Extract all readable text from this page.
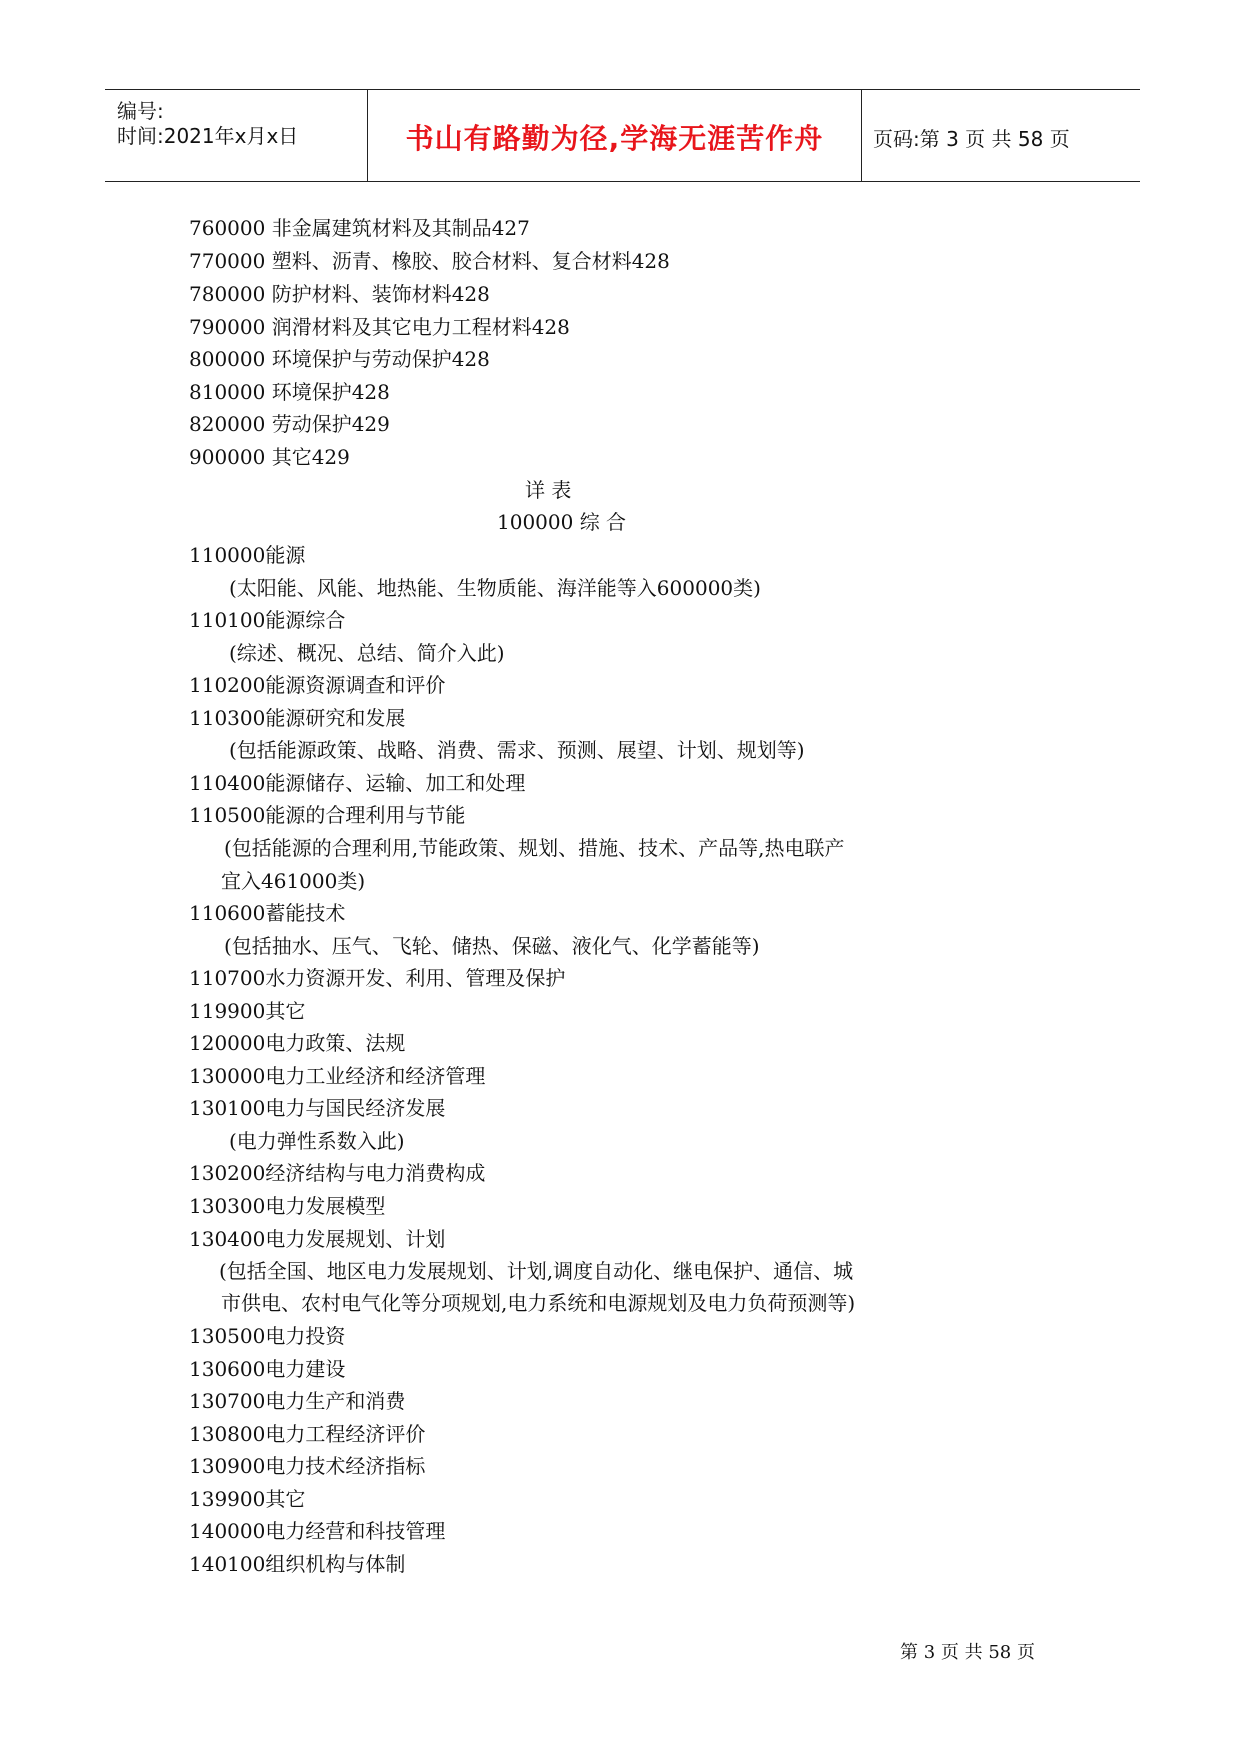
编号:
时间:2021年x月x日	书山有路勤为径,学海无涯苦作舟	页码:第 3 页 共 58 页
760000 非金属建筑材料及其制品427
770000 塑料、沥青、橡胶、胶合材料、复合材料428
780000 防护材料、装饰材料428
790000 润滑材料及其它电力工程材料428
800000 环境保护与劳动保护428
810000 环境保护428
820000 劳动保护429
900000 其它429
详 表
100000 综 合
110000能源
(太阳能、风能、地热能、生物质能、海洋能等入600000类)
110100能源综合
(综述、概况、总结、简介入此)
110200能源资源调查和评价
110300能源研究和发展
(包括能源政策、战略、消费、需求、预测、展望、计划、规划等)
110400能源储存、运输、加工和处理
110500能源的合理利用与节能
(包括能源的合理利用,节能政策、规划、措施、技术、产品等,热电联产
宜入461000类)
110600蓄能技术
(包括抽水、压气、飞轮、储热、保磁、液化气、化学蓄能等)
110700水力资源开发、利用、管理及保护
119900其它
120000电力政策、法规
130000电力工业经济和经济管理
130100电力与国民经济发展
(电力弹性系数入此)
130200经济结构与电力消费构成
130300电力发展模型
130400电力发展规划、计划
(包括全国、地区电力发展规划、计划,调度自动化、继电保护、通信、城
市供电、农村电气化等分项规划,电力系统和电源规划及电力负荷预测等)
130500电力投资
130600电力建设
130700电力生产和消费
130800电力工程经济评价
130900电力技术经济指标
139900其它
140000电力经营和科技管理
140100组织机构与体制
第 3 页 共 58 页
